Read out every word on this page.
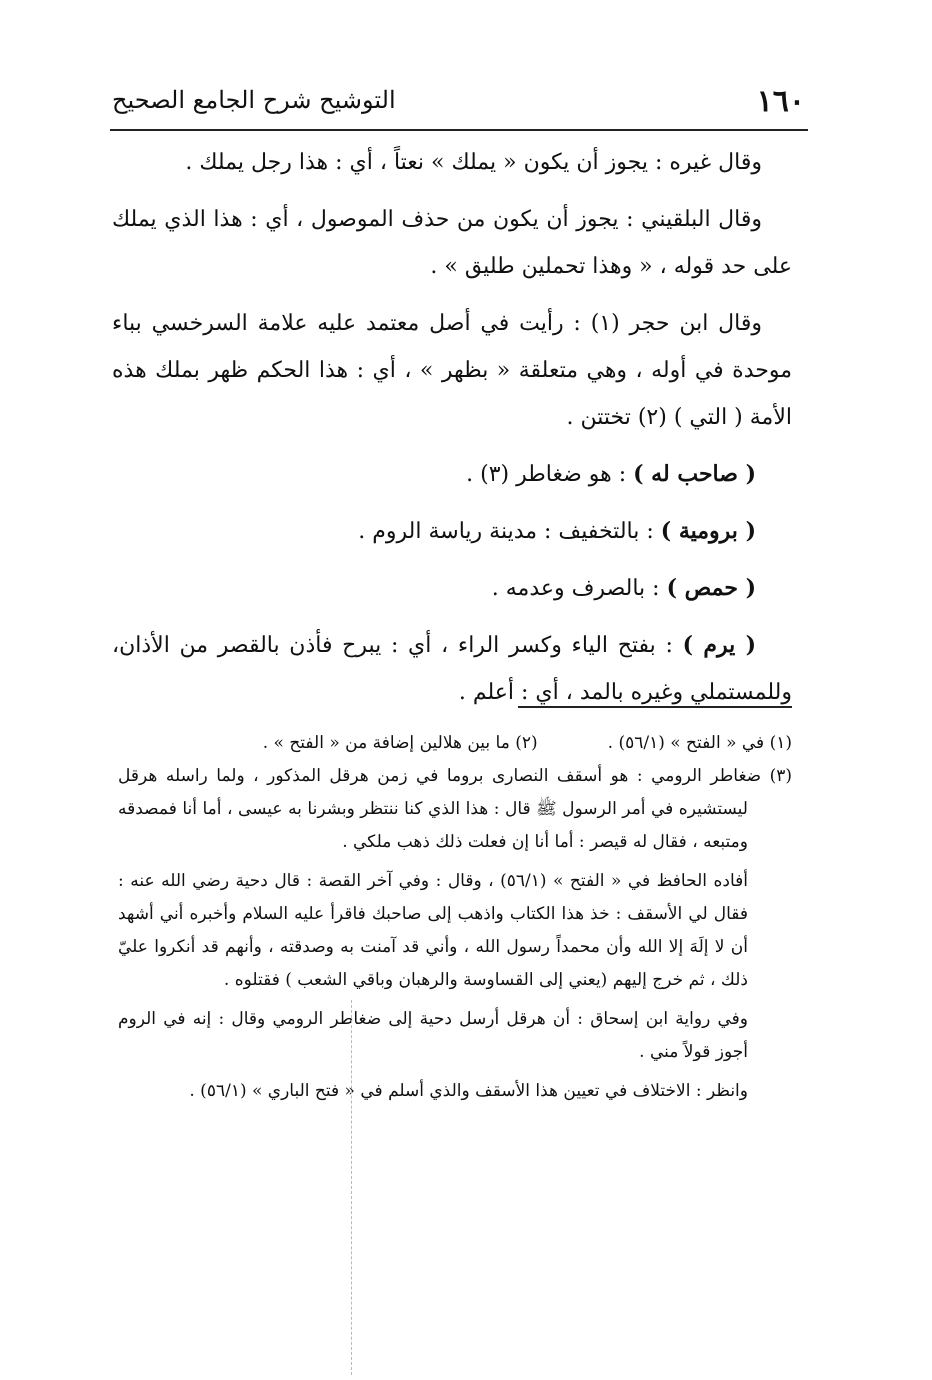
١٦٠
التوشيح شرح الجامع الصحيح

وقال غيره : يجوز أن يكون « يملك » نعتاً ، أي : هذا رجل يملك .

وقال البلقيني : يجوز أن يكون من حذف الموصول ، أي : هذا الذي يملك على حد قوله ، « وهذا تحملين طليق » .

وقال ابن حجر (١) : رأيت في أصل معتمد عليه علامة السرخسي بباء موحدة في أوله ، وهي متعلقة « بظهر » ، أي : هذا الحكم ظهر بملك هذه الأمة ( التي ) (٢) تختتن .

( صاحب له ) : هو ضغاطر (٣) .

( برومية ) : بالتخفيف : مدينة رياسة الروم .

( حمص ) : بالصرف وعدمه .

( يرم ) : بفتح الياء وكسر الراء ، أي : يبرح فأذن بالقصر من الأذان، وللمستملي وغيره بالمد ، أي : أعلم .

(١) في « الفتح » (٥٦/١) .
(٢) ما بين هلالين إضافة من « الفتح » .

(٣) ضغاطر الرومي : هو أسقف النصارى بروما في زمن هرقل المذكور ، ولما راسله هرقل ليستشيره في أمر الرسول ﷺ قال : هذا الذي كنا ننتظر وبشرنا به عيسى ، أما أنا فمصدقه ومتبعه ، فقال له قيصر : أما أنا إن فعلت ذلك ذهب ملكي .

أفاده الحافظ في « الفتح » (٥٦/١) ، وقال : وفي آخر القصة : قال دحية رضي الله عنه : فقال لي الأسقف : خذ هذا الكتاب واذهب إلى صاحبك فاقرأ عليه السلام وأخبره أني أشهد أن لا إلَهَ إلا الله وأن محمداً رسول الله ، وأني قد آمنت به وصدقته ، وأنهم قد أنكروا عليّ ذلك ، ثم خرج إليهم (يعني إلى القساوسة والرهبان وباقي الشعب ) فقتلوه .

وفي رواية ابن إسحاق : أن هرقل أرسل دحية إلى ضغاطر الرومي وقال : إنه في الروم أجوز قولاً مني .

وانظر : الاختلاف في تعيين هذا الأسقف والذي أسلم في « فتح الباري » (٥٦/١) .
